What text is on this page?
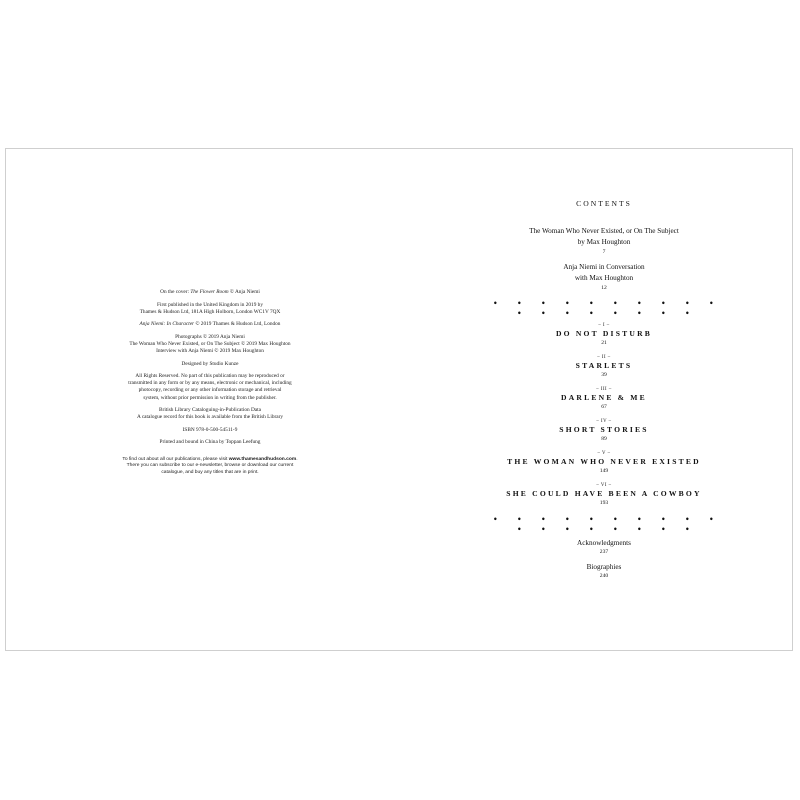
On the cover: The Flower Room © Anja Niemi

First published in the United Kingdom in 2019 by
Thames & Hudson Ltd, 181A High Holborn, London WC1V 7QX

Anja Niemi: In Character © 2019 Thames & Hudson Ltd, London

Photographs © 2019 Anja Niemi
The Woman Who Never Existed, or On The Subject © 2019 Max Houghton
Interview with Anja Niemi © 2019 Max Houghton

Designed by Studio Kunze

All Rights Reserved. No part of this publication may be reproduced or
transmitted in any form or by any means, electronic or mechanical, including
photocopy, recording or any other information storage and retrieval
system, without prior permission in writing from the publisher.

British Library Cataloguing-in-Publication Data
A catalogue record for this book is available from the British Library

ISBN 978-0-500-54511-9

Printed and bound in China by Toppan Leefung

To find out about all our publications, please visit www.thamesandhudson.com.
There you can subscribe to our e-newsletter, browse or download our current
catalogue, and buy any titles that are in print.

CONTENTS
The Woman Who Never Existed, or On The Subject
by Max Houghton
7
Anja Niemi in Conversation
with Max Houghton
12
• • • • • • • • • • • • • • • • • •
– I –
DO NOT DISTURB
21
– II –
STARLETS
39
– III –
DARLENE & ME
67
– IV –
SHORT STORIES
89
– V –
THE WOMAN WHO NEVER EXISTED
149
– VI –
SHE COULD HAVE BEEN A COWBOY
193
• • • • • • • • • • • • • • • • • •
Acknowledgments
237
Biographies
240
